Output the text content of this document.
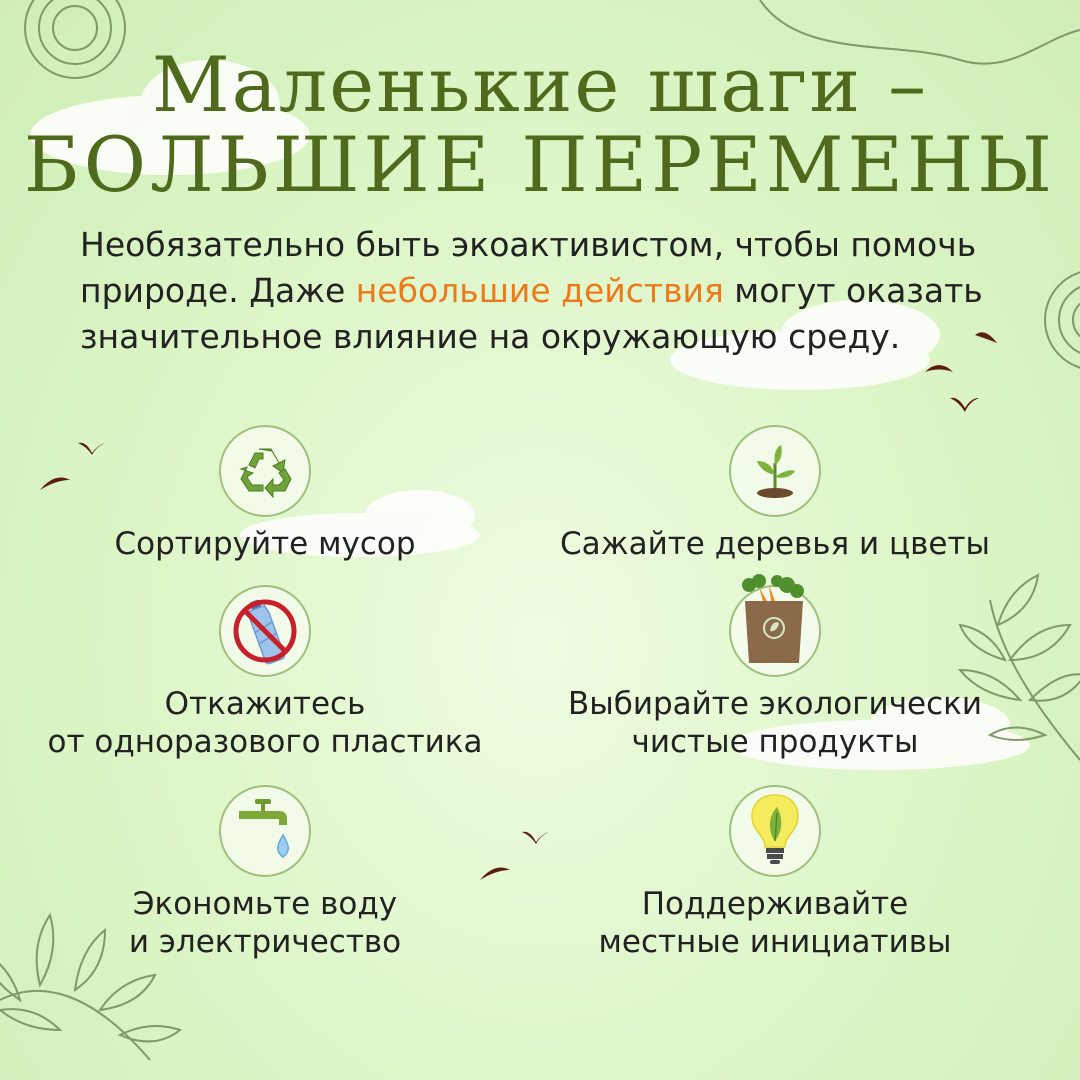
Маленькие шаги –
БОЛЬШИЕ ПЕРЕМЕНЫ
Необязательно быть экоактивистом, чтобы помочь природе. Даже небольшие действия могут оказать значительное влияние на окружающую среду.
Сортируйте мусор	Сажайте деревья и цветы
Откажитесь
от одноразового пластика
Выбирайте экологически
чистые продукты
Экономьте воду
и электричество
Поддерживайте
местные инициативы
